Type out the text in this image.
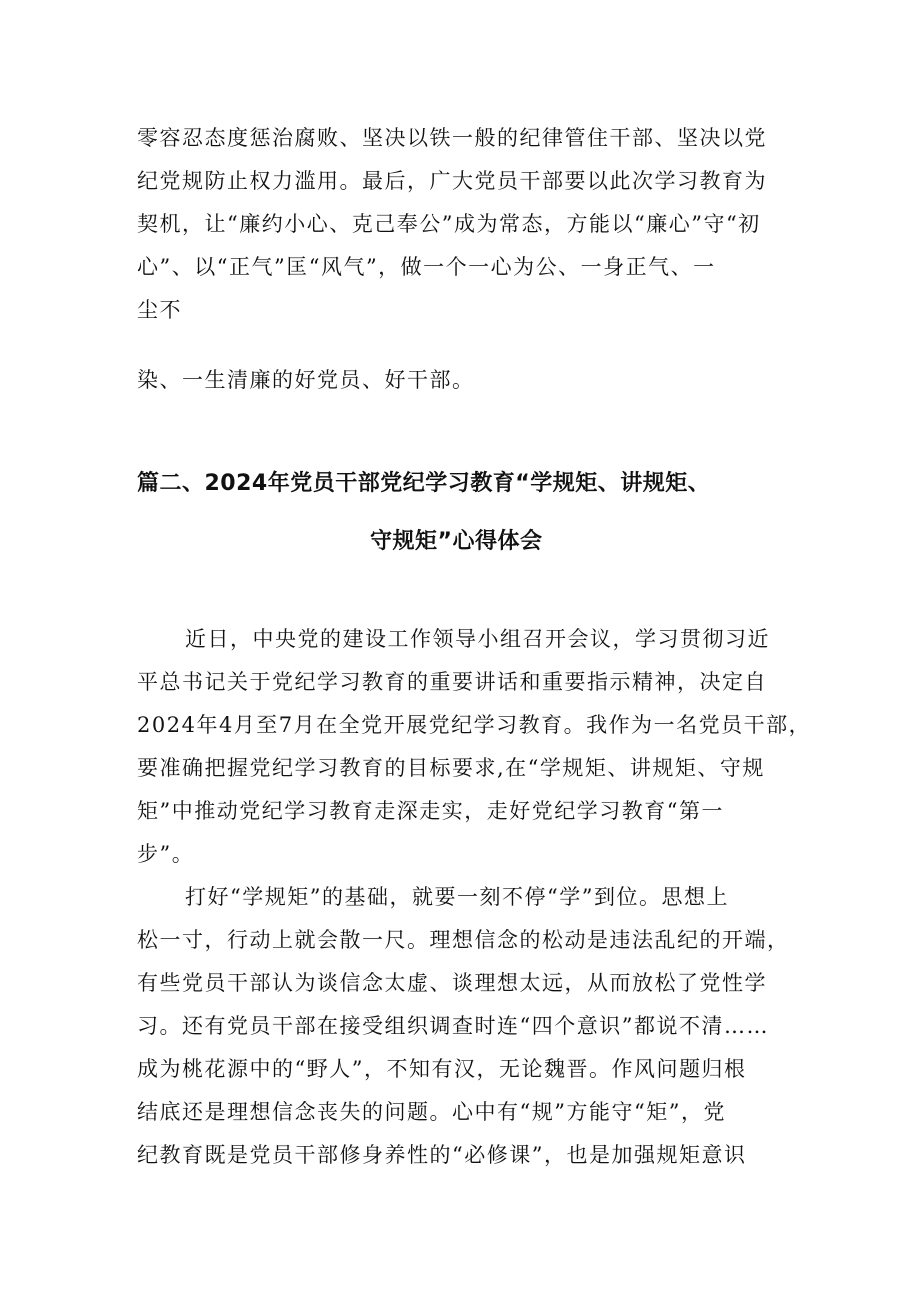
零容忍态度惩治腐败、坚决以铁一般的纪律管住干部、坚决以党
纪党规防止权力滥用。最后，广大党员干部要以此次学习教育为
契机，让“廉约小心、克己奉公”成为常态，方能以“廉心”守“初
心”、以“正气”匡“风气”，做一个一心为公、一身正气、一
尘不
染、一生清廉的好党员、好干部。
篇二、2024年党员干部党纪学习教育“学规矩、讲规矩、
守规矩”心得体会
近日，中央党的建设工作领导小组召开会议，学习贯彻习近
平总书记关于党纪学习教育的重要讲话和重要指示精神，决定自
2024年4月至7月在全党开展党纪学习教育。我作为一名党员干部，
要准确把握党纪学习教育的目标要求,在“学规矩、讲规矩、守规
矩”中推动党纪学习教育走深走实，走好党纪学习教育“第一
步”。
打好“学规矩”的基础，就要一刻不停“学”到位。思想上
松一寸，行动上就会散一尺。理想信念的松动是违法乱纪的开端，
有些党员干部认为谈信念太虚、谈理想太远，从而放松了党性学
习。还有党员干部在接受组织调查时连“四个意识”都说不清……
成为桃花源中的“野人”，不知有汉，无论魏晋。作风问题归根
结底还是理想信念丧失的问题。心中有“规”方能守“矩”，党
纪教育既是党员干部修身养性的“必修课”，也是加强规矩意识
